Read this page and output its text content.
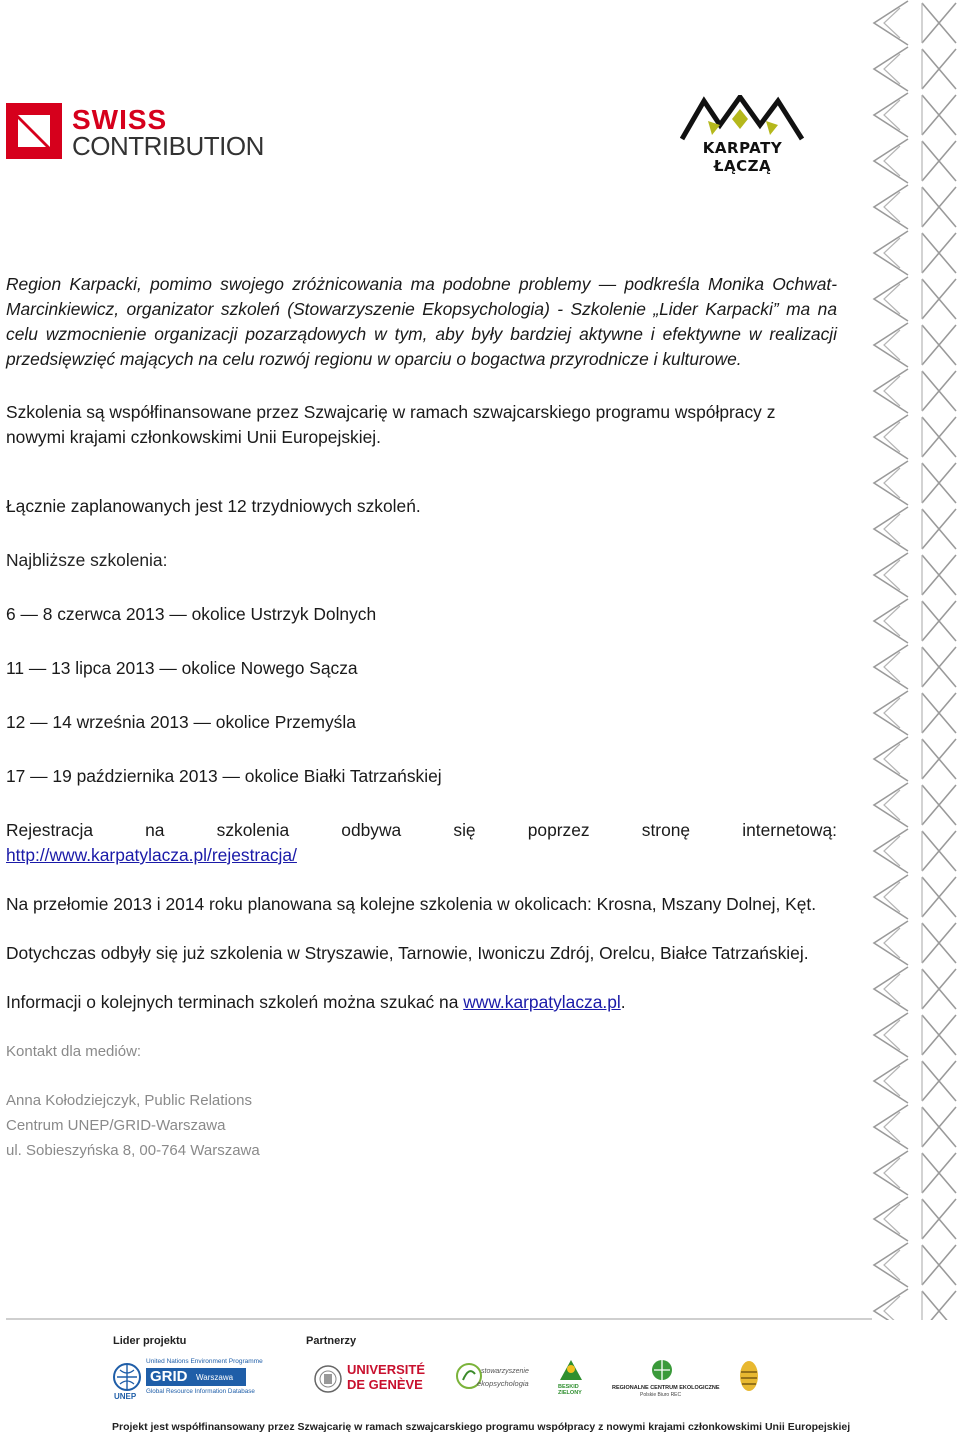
SWISS
CONTRIBUTION	KARPATY ŁĄCZĄ

Region Karpacki, pomimo swojego zróżnicowania ma podobne problemy — podkreśla Monika Ochwat-Marcinkiewicz, organizator szkoleń (Stowarzyszenie Ekopsychologia) - Szkolenie „Lider Karpacki” ma na celu wzmocnienie organizacji pozarządowych w tym, aby były bardziej aktywne i efektywne w realizacji przedsięwzięć mających na celu rozwój regionu w oparciu o bogactwa przyrodnicze i kulturowe.

Szkolenia są współfinansowane przez Szwajcarię w ramach szwajcarskiego programu współpracy z nowymi krajami członkowskimi Unii Europejskiej.

Łącznie zaplanowanych jest 12 trzydniowych szkoleń.

Najbliższe szkolenia:

6 — 8 czerwca 2013 — okolice Ustrzyk Dolnych

11 — 13 lipca 2013 — okolice Nowego Sącza

12 — 14 września 2013 — okolice Przemyśla

17 — 19 października 2013 — okolice Białki Tatrzańskiej

Rejestracja na szkolenia odbywa się poprzez stronę internetową:

http://www.karpatylacza.pl/rejestracja/

Na przełomie 2013 i 2014 roku planowana są kolejne szkolenia w okolicach: Krosna, Mszany Dolnej, Kęt.

Dotychczas odbyły się już szkolenia w Stryszawie, Tarnowie, Iwoniczu Zdrój, Orelcu, Białce Tatrzańskiej.

Informacji o kolejnych terminach szkoleń można szukać na www.karpatylacza.pl.

Kontakt dla mediów:

Anna Kołodziejczyk, Public Relations
Centrum UNEP/GRID-Warszawa
ul. Sobieszyńska 8, 00-764 Warszawa
Lider projektu	Partnerzy
UNEP
United Nations Environment Programme
GRID Warszawa
Global Resource Information Database
UNIVERSITÉ
DE GENÈVE
stowarzyszenie
ekopsychologia	BESKID
ZIELONY
REGIONALNE CENTRUM EKOLOGICZNE
Polskie Biuro REC
Projekt jest współfinansowany przez Szwajcarię w ramach szwajcarskiego programu współpracy z nowymi krajami członkowskimi Unii Europejskiej
